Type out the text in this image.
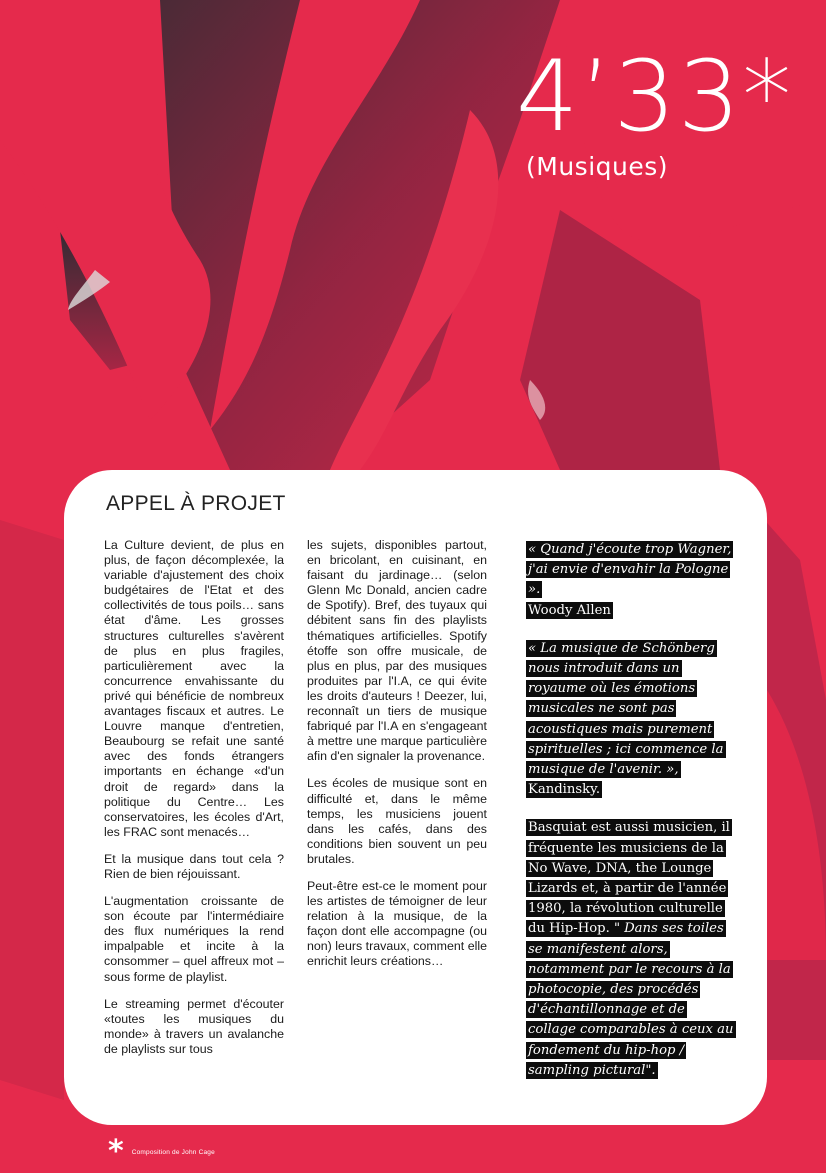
4’33*
(Musiques)
APPEL À PROJET

La Culture devient, de plus en plus, de façon décomplexée, la variable d'ajustement des choix budgétaires de l'Etat et des collectivités de tous poils… sans état d'âme. Les grosses structures culturelles s'avèrent de plus en plus fragiles, particulièrement avec la concurrence envahissante du privé qui bénéficie de nombreux avantages fiscaux et autres. Le Louvre manque d'entretien, Beaubourg se refait une santé avec des fonds étrangers importants en échange «d'un droit de regard» dans la politique du Centre… Les conservatoires, les écoles d'Art, les FRAC sont menacés…

Et la musique dans tout cela ? Rien de bien réjouissant.

L'augmentation croissante de son écoute par l'intermédiaire des flux numériques la rend impalpable et incite à la consommer – quel affreux mot – sous forme de playlist.

Le streaming permet d'écouter «toutes les musiques du monde» à travers un avalanche de playlists sur tous

les sujets, disponibles partout, en bricolant, en cuisinant, en faisant du jardinage… (selon Glenn Mc Donald, ancien cadre de Spotify). Bref, des tuyaux qui débitent sans fin des playlists thématiques artificielles. Spotify étoffe son offre musicale, de plus en plus, par des musiques produites par l'I.A, ce qui évite les droits d'auteurs ! Deezer, lui, reconnaît un tiers de musique fabriqué par l'I.A en s'engageant à mettre une marque particulière afin d'en signaler la provenance.

Les écoles de musique sont en difficulté et, dans le même temps, les musiciens jouent dans les cafés, dans des conditions bien souvent un peu brutales.

Peut-être est-ce le moment pour les artistes de témoigner de leur relation à la musique, de la façon dont elle accompagne (ou non) leurs travaux, comment elle enrichit leurs créations…

« Quand j'écoute trop Wagner, j'ai envie d'envahir la Pologne ».
Woody Allen

« La musique de Schönberg nous introduit dans un royaume où les émotions musicales ne sont pas acoustiques mais purement spirituelles ; ici commence la musique de l'avenir. »,
Kandinsky.

Basquiat est aussi musicien, il fréquente les musiciens de la No Wave, DNA, the Lounge Lizards et, à partir de l'année 1980, la révolution culturelle du Hip-Hop. " Dans ses toiles se manifestent alors, notamment par le recours à la photocopie, des procédés d'échantillonnage et de collage comparables à ceux au fondement du hip-hop / sampling pictural".

* Composition de John Cage
